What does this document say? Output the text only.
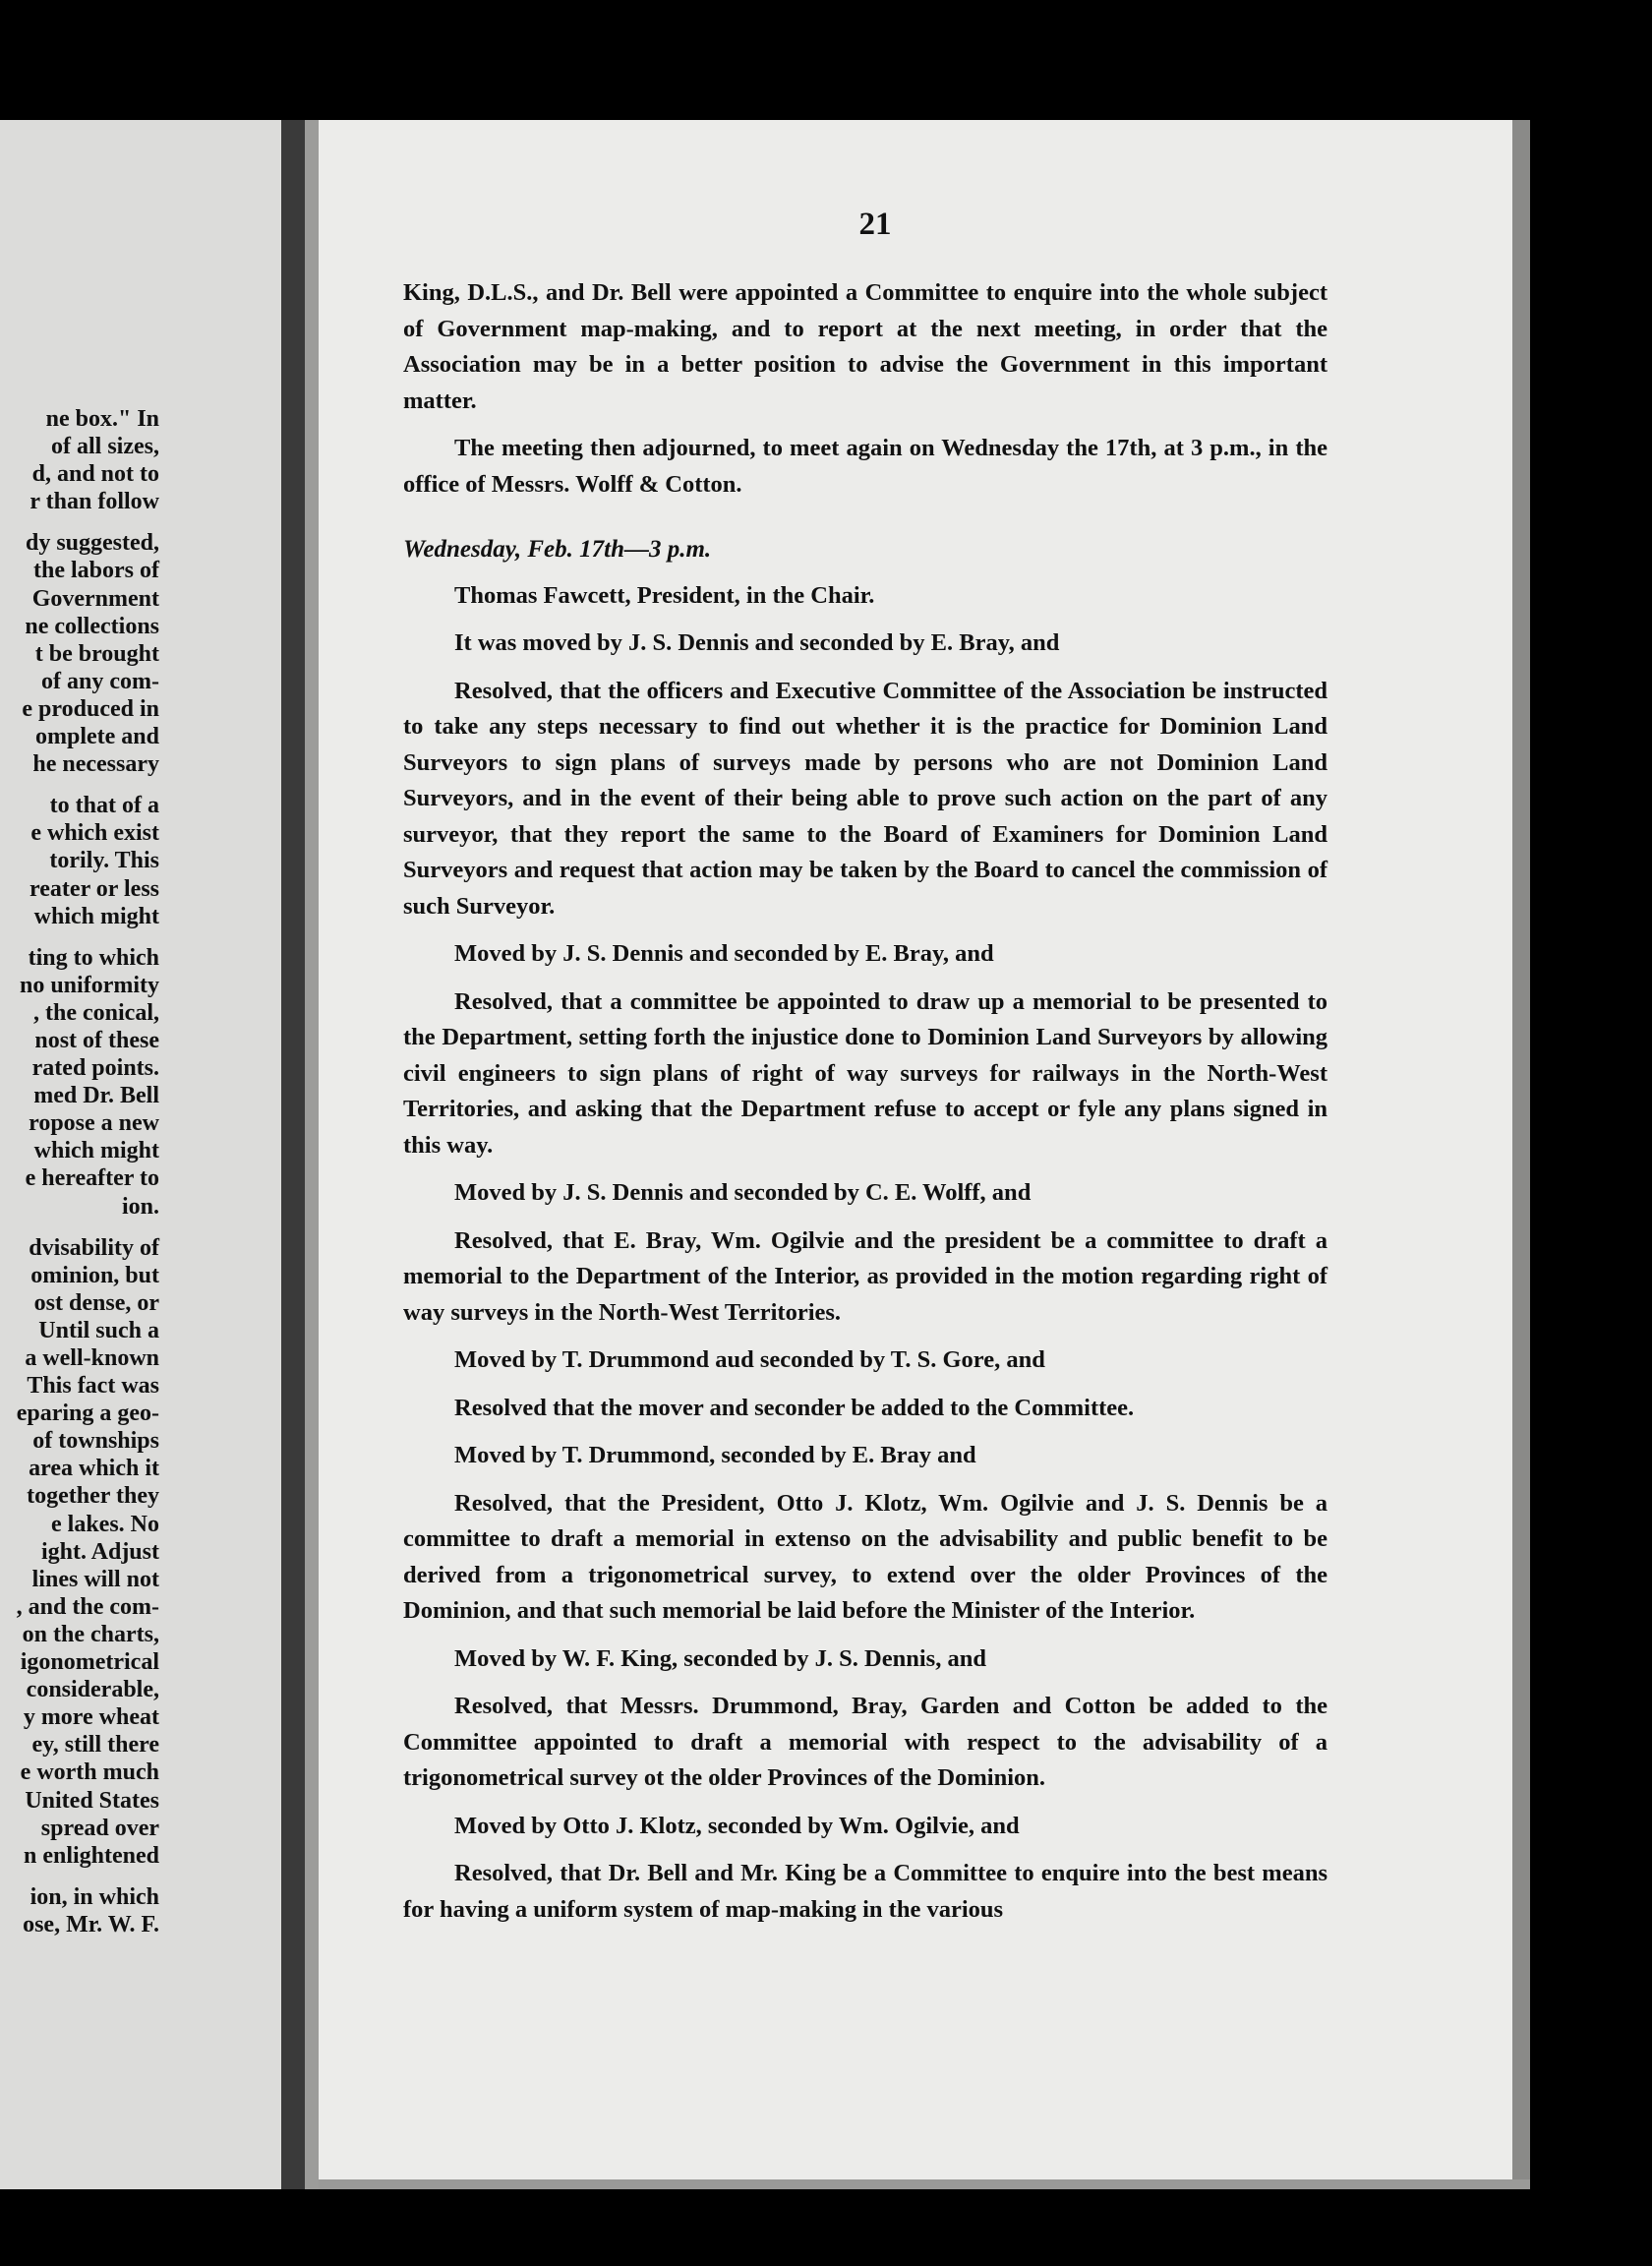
ne box." In
of all sizes,
d, and not to
r than follow
dy suggested,
the labors of
Government
ne collections
t be brought
of any com-
e produced in
omplete and
he necessary
to that of a
e which exist
torily. This
reater or less
which might
ting to which
no uniformity
, the conical,
nost of these
rated points.
med Dr. Bell
ropose a new
which might
e hereafter to
ion.
dvisability of
ominion, but
ost dense, or
Until such a
a well-known
This fact was
eparing a geo-
of townships
area which it
together they
e lakes. No
ight. Adjust
lines will not
, and the com-
on the charts,
igonometrical
considerable,
y more wheat
ey, still there
e worth much
United States
spread over
n enlightened
ion, in which
ose, Mr. W. F.
21

King, D.L.S., and Dr. Bell were appointed a Committee to enquire into the whole subject of Government map-making, and to report at the next meeting, in order that the Association may be in a better position to advise the Government in this important matter.

The meeting then adjourned, to meet again on Wednesday the 17th, at 3 p.m., in the office of Messrs. Wolff & Cotton.

Wednesday, Feb. 17th—3 p.m.

Thomas Fawcett, President, in the Chair.

It was moved by J. S. Dennis and seconded by E. Bray, and

Resolved, that the officers and Executive Committee of the Association be instructed to take any steps necessary to find out whether it is the practice for Dominion Land Surveyors to sign plans of surveys made by persons who are not Dominion Land Surveyors, and in the event of their being able to prove such action on the part of any surveyor, that they report the same to the Board of Examiners for Dominion Land Surveyors and request that action may be taken by the Board to cancel the commission of such Surveyor.

Moved by J. S. Dennis and seconded by E. Bray, and

Resolved, that a committee be appointed to draw up a memorial to be presented to the Department, setting forth the injustice done to Dominion Land Surveyors by allowing civil engineers to sign plans of right of way surveys for railways in the North-West Territories, and asking that the Department refuse to accept or fyle any plans signed in this way.

Moved by J. S. Dennis and seconded by C. E. Wolff, and

Resolved, that E. Bray, Wm. Ogilvie and the president be a committee to draft a memorial to the Department of the Interior, as provided in the motion regarding right of way surveys in the North-West Territories.

Moved by T. Drummond aud seconded by T. S. Gore, and

Resolved that the mover and seconder be added to the Committee.

Moved by T. Drummond, seconded by E. Bray and

Resolved, that the President, Otto J. Klotz, Wm. Ogilvie and J. S. Dennis be a committee to draft a memorial in extenso on the advisability and public benefit to be derived from a trigonometrical survey, to extend over the older Provinces of the Dominion, and that such memorial be laid before the Minister of the Interior.

Moved by W. F. King, seconded by J. S. Dennis, and

Resolved, that Messrs. Drummond, Bray, Garden and Cotton be added to the Committee appointed to draft a memorial with respect to the advisability of a trigonometrical survey ot the older Provinces of the Dominion.

Moved by Otto J. Klotz, seconded by Wm. Ogilvie, and

Resolved, that Dr. Bell and Mr. King be a Committee to enquire into the best means for having a uniform system of map-making in the various
